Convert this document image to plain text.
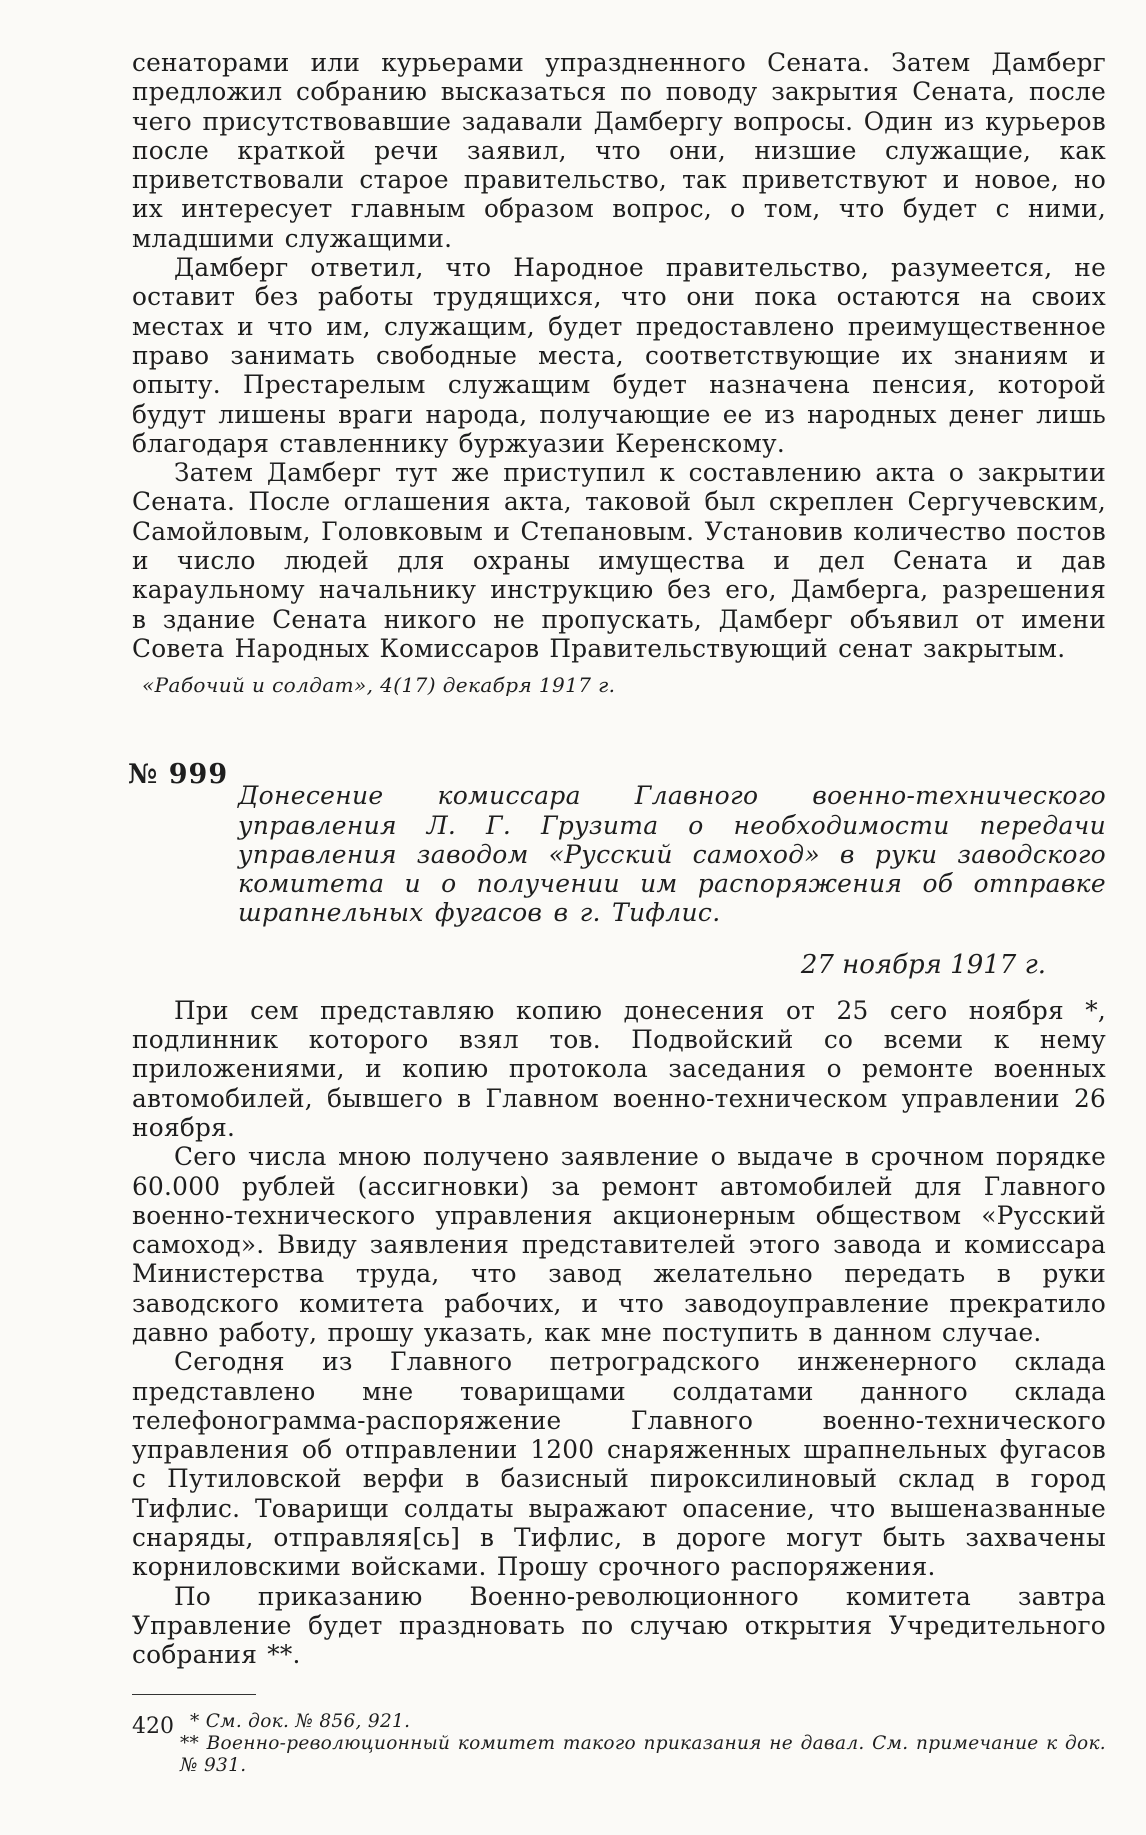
сенаторами или курьерами упраздненного Сената. Затем Дамберг предложил собранию высказаться по поводу закрытия Сената, после чего присутствовавшие задавали Дамбергу вопросы. Один из курьеров после краткой речи заявил, что они, низшие служащие, как приветствовали старое правительство, так приветствуют и новое, но их интересует главным образом вопрос, о том, что будет с ними, младшими служащими.

Дамберг ответил, что Народное правительство, разумеется, не оставит без работы трудящихся, что они пока остаются на своих местах и что им, служащим, будет предоставлено преимущественное право занимать свободные места, соответствующие их знаниям и опыту. Престарелым служащим будет назначена пенсия, которой будут лишены враги народа, получающие ее из народных денег лишь благодаря ставленнику буржуазии Керенскому.

Затем Дамберг тут же приступил к составлению акта о закрытии Сената. После оглашения акта, таковой был скреплен Сергучевским, Самойловым, Головковым и Степановым. Установив количество постов и число людей для охраны имущества и дел Сената и дав караульному начальнику инструкцию без его, Дамберга, разрешения в здание Сената никого не пропускать, Дамберг объявил от имени Совета Народных Комиссаров Правительствующий сенат закрытым.

«Рабочий и солдат», 4(17) декабря 1917 г.

№ 999

Донесение комиссара Главного военно-технического управления Л. Г. Грузита о необходимости передачи управления заводом «Русский самоход» в руки заводского комитета и о получении им распоряжения об отправке шрапнельных фугасов в г. Тифлис.

27 ноября 1917 г.

При сем представляю копию донесения от 25 сего ноября *, подлинник которого взял тов. Подвойский со всеми к нему приложениями, и копию протокола заседания о ремонте военных автомобилей, бывшего в Главном военно-техническом управлении 26 ноября.

Сего числа мною получено заявление о выдаче в срочном порядке 60.000 рублей (ассигновки) за ремонт автомобилей для Главного военно-технического управления акционерным обществом «Русский самоход». Ввиду заявления представителей этого завода и комиссара Министерства труда, что завод желательно передать в руки заводского комитета рабочих, и что заводоуправление прекратило давно работу, прошу указать, как мне поступить в данном случае.

Сегодня из Главного петроградского инженерного склада представлено мне товарищами солдатами данного склада телефонограмма-распоряжение Главного военно-технического управления об отправлении 1200 снаряженных шрапнельных фугасов с Путиловской верфи в базисный пироксилиновый склад в город Тифлис. Товарищи солдаты выражают опасение, что вышеназванные снаряды, отправляя[сь] в Тифлис, в дороге могут быть захвачены корниловскими войсками. Прошу срочного распоряжения.

По приказанию Военно-революционного комитета завтра Управление будет праздновать по случаю открытия Учредительного собрания **.

* См. док. № 856, 921.

** Военно-революционный комитет такого приказания не давал. См. примечание к док. № 931.

420
